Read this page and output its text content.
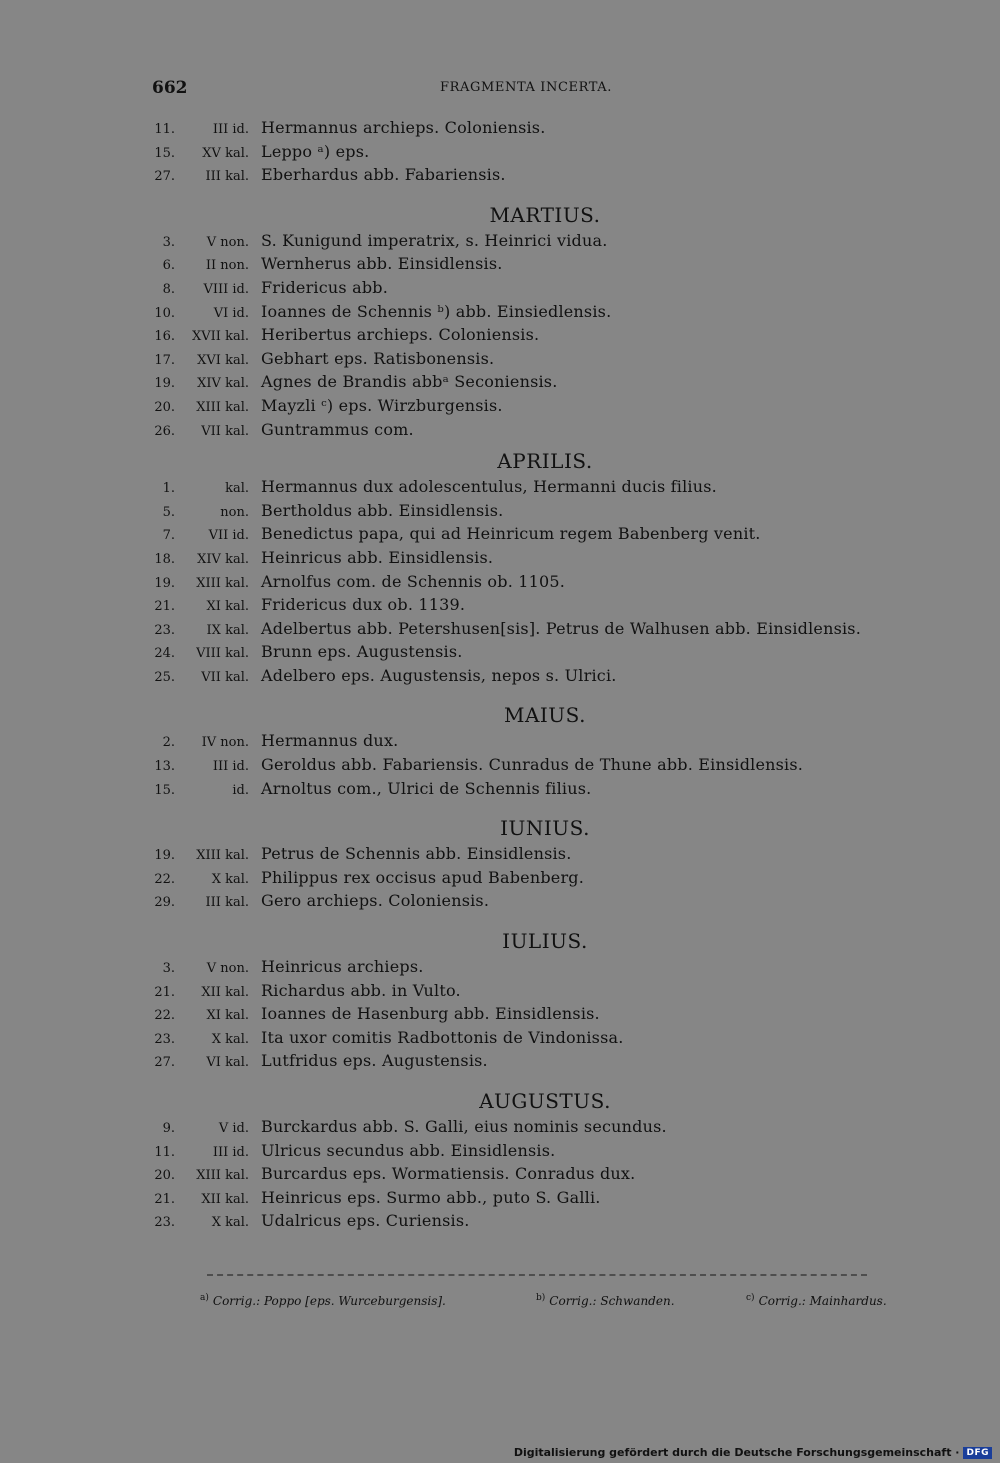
662	FRAGMENTA INCERTA.
11.	III id. Hermannus archieps. Coloniensis.
15.	XV kal. Leppo ᵃ) eps.
27.	III kal. Eberhardus abb. Fabariensis.
MARTIUS.
3.	V non. S. Kunigund imperatrix, s. Heinrici vidua.
6.	II non. Wernherus abb. Einsidlensis.
8.	VIII id. Fridericus abb.
10.	VI id. Ioannes de Schennis ᵇ) abb. Einsiedlensis.
16.	XVII kal. Heribertus archieps. Coloniensis.
17.	XVI kal. Gebhart eps. Ratisbonensis.
19.	XIV kal. Agnes de Brandis abbᵃ Seconiensis.
20.	XIII kal. Mayzli ᶜ) eps. Wirzburgensis.
26.	VII kal. Guntrammus com.
APRILIS.
1.	kal. Hermannus dux adolescentulus, Hermanni ducis filius.
5.	non. Bertholdus abb. Einsidlensis.
7.	VII id. Benedictus papa, qui ad Heinricum regem Babenberg venit.
18.	XIV kal. Heinricus abb. Einsidlensis.
19.	XIII kal. Arnolfus com. de Schennis ob. 1105.
21.	XI kal. Fridericus dux ob. 1139.
23.	IX kal. Adelbertus abb. Petershusen[sis]. Petrus de Walhusen abb. Einsidlensis.
24.	VIII kal. Brunn eps. Augustensis.
25.	VII kal. Adelbero eps. Augustensis, nepos s. Ulrici.
MAIUS.
2.	IV non. Hermannus dux.
13.	III id. Geroldus abb. Fabariensis. Cunradus de Thune abb. Einsidlensis.
15.	id. Arnoltus com., Ulrici de Schennis filius.
IUNIUS.
19.	XIII kal. Petrus de Schennis abb. Einsidlensis.
22.	X kal. Philippus rex occisus apud Babenberg.
29.	III kal. Gero archieps. Coloniensis.
IULIUS.
3.	V non. Heinricus archieps.
21.	XII kal. Richardus abb. in Vulto.
22.	XI kal. Ioannes de Hasenburg abb. Einsidlensis.
23.	X kal. Ita uxor comitis Radbottonis de Vindonissa.
27.	VI kal. Lutfridus eps. Augustensis.
AUGUSTUS.
9.	V id. Burckardus abb. S. Galli, eius nominis secundus.
11.	III id. Ulricus secundus abb. Einsidlensis.
20.	XIII kal. Burcardus eps. Wormatiensis. Conradus dux.
21.	XII kal. Heinricus eps. Surmo abb., puto S. Galli.
23.	X kal. Udalricus eps. Curiensis.
$^{a)}$ Corrig.: Poppo [eps. Wurceburgensis].	$^{b)}$ Corrig.: Schwanden.	$^{c)}$ Corrig.: Mainhardus.
Digitalisierung gefördert durch die Deutsche Forschungsgemeinschaft · DFG
